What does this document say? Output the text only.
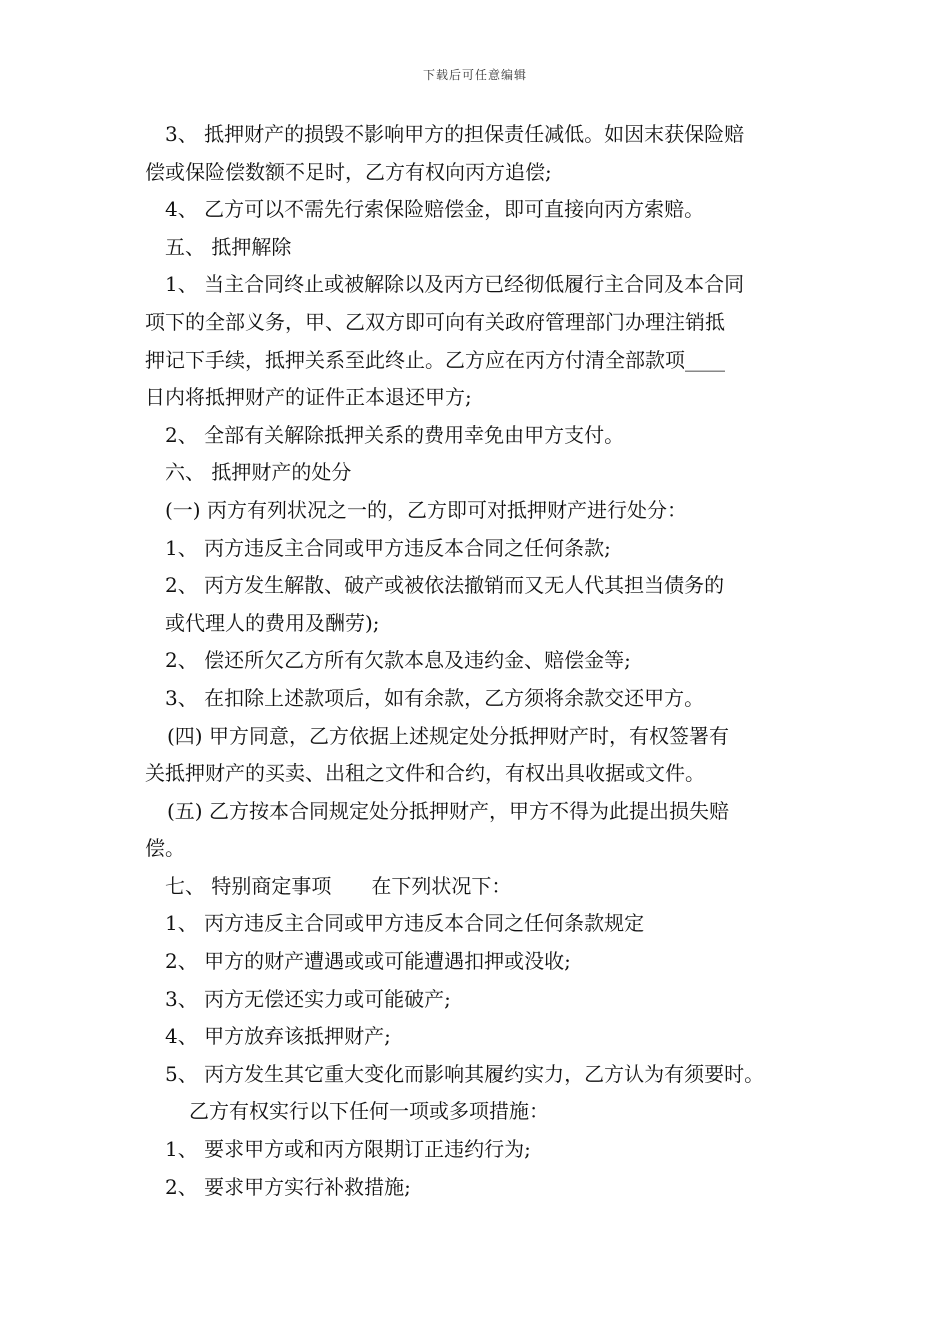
下载后可任意编辑
3、 抵押财产的损毁不影响甲方的担保责任减低。如因末获保险赔
偿或保险偿数额不足时，乙方有权向丙方追偿;
4、 乙方可以不需先行索保险赔偿金，即可直接向丙方索赔。
五、 抵押解除
1、 当主合同终止或被解除以及丙方已经彻低履行主合同及本合同
项下的全部义务，甲、乙双方即可向有关政府管理部门办理注销抵
押记下手续，抵押关系至此终止。乙方应在丙方付清全部款项____
日内将抵押财产的证件正本退还甲方;
2、 全部有关解除抵押关系的费用幸免由甲方支付。
六、 抵押财产的处分
(一) 丙方有列状况之一的，乙方即可对抵押财产进行处分：
1、 丙方违反主合同或甲方违反本合同之任何条款;
2、 丙方发生解散、破产或被依法撤销而又无人代其担当债务的
或代理人的费用及酬劳);
2、 偿还所欠乙方所有欠款本息及违约金、赔偿金等;
3、 在扣除上述款项后，如有余款，乙方须将余款交还甲方。
(四) 甲方同意，乙方依据上述规定处分抵押财产时，有权签署有
关抵押财产的买卖、出租之文件和合约，有权出具收据或文件。
(五) 乙方按本合同规定处分抵押财产，甲方不得为此提出损失赔
偿。
七、 特别商定事项　　在下列状况下：
1、 丙方违反主合同或甲方违反本合同之任何条款规定
2、 甲方的财产遭遇或或可能遭遇扣押或没收;
3、 丙方无偿还实力或可能破产;
4、 甲方放弃该抵押财产;
5、 丙方发生其它重大变化而影响其履约实力，乙方认为有须要时。
乙方有权实行以下任何一项或多项措施：
1、 要求甲方或和丙方限期订正违约行为;
2、 要求甲方实行补救措施;
